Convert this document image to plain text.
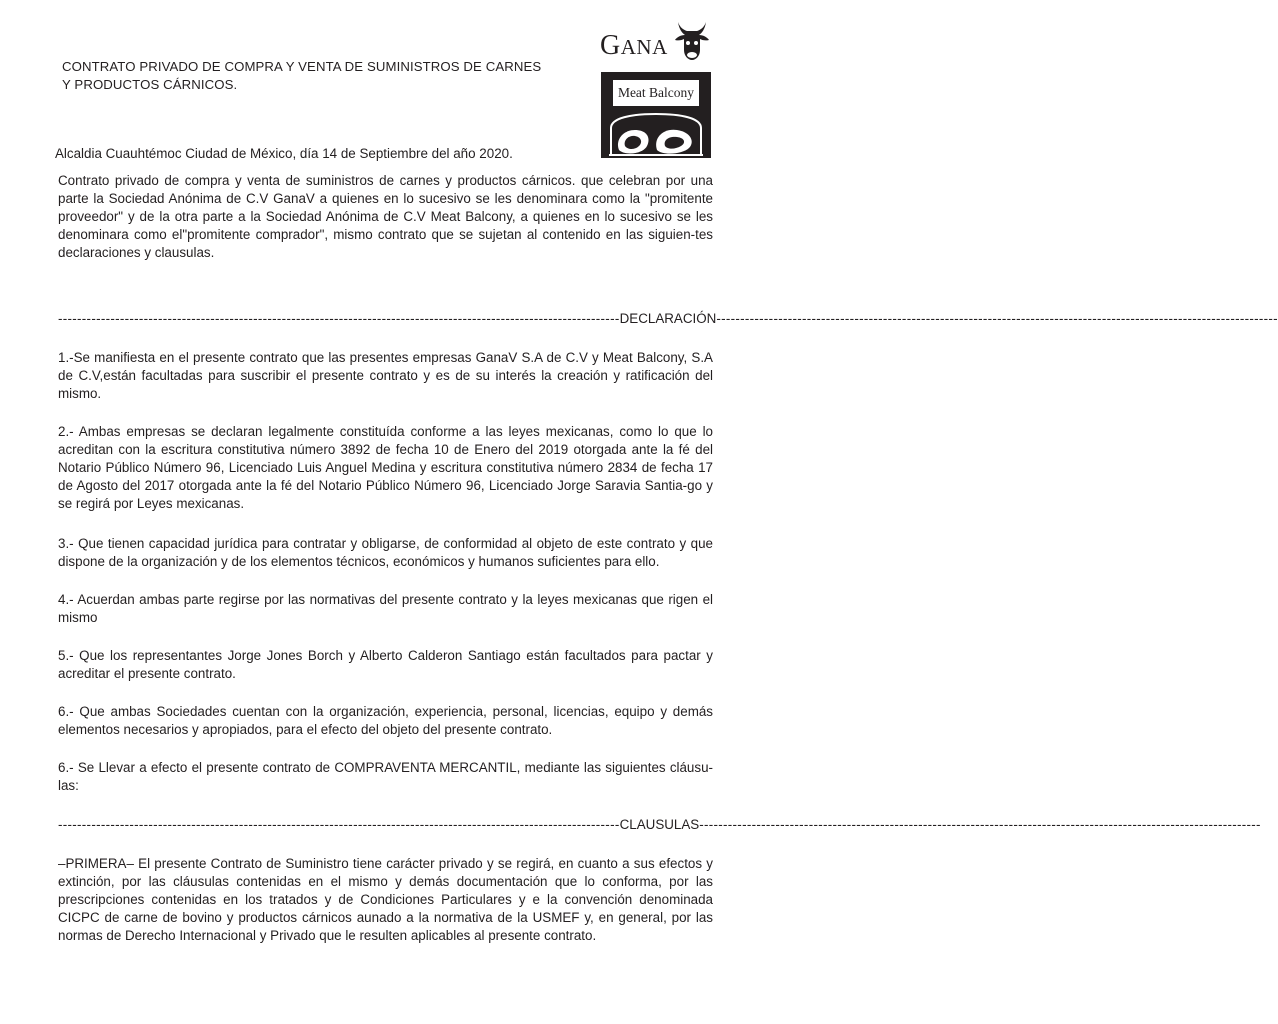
CONTRATO PRIVADO DE COMPRA Y VENTA DE SUMINISTROS DE CARNES
Y PRODUCTOS CÁRNICOS.
GANA
Meat Balcony
Alcaldia Cuauhtémoc Ciudad de México, día 14 de Septiembre del año 2020.
Contrato privado de compra y venta de suministros de carnes y productos cárnicos. que celebran por una parte la Sociedad Anónima de C.V GanaV a quienes en lo sucesivo se les denominara como la "promitente proveedor" y de la otra parte a la Sociedad Anónima de C.V Meat Balcony, a quienes en lo sucesivo se les denominara como el"promitente comprador", mismo contrato que se sujetan al contenido en las siguien-tes declaraciones y clausulas.
---------------------------------------------------------------------------------------------------------------------- DECLARACIÓN ----------------------------------------------------------------------------------------------------------------------
1.-Se manifiesta en el presente contrato que las presentes empresas GanaV S.A de C.V y Meat Balcony, S.A de C.V,están facultadas para suscribir el presente contrato y es de su interés la creación y ratificación del mismo.
2.- Ambas empresas se declaran legalmente constituída conforme a las leyes mexicanas, como lo que lo acreditan con la escritura constitutiva número 3892 de fecha 10 de Enero del 2019 otorgada ante la fé del Notario Público Número 96, Licenciado Luis Anguel Medina y escritura constitutiva número 2834 de fecha 17 de Agosto del 2017 otorgada ante la fé del Notario Público Número 96, Licenciado Jorge Saravia Santia-go y se regirá por Leyes mexicanas.
3.- Que tienen capacidad jurídica para contratar y obligarse, de conformidad al objeto de este contrato y que dispone de la organización y de los elementos técnicos, económicos y humanos suficientes para ello.
4.- Acuerdan ambas parte regirse por las normativas del presente contrato y la leyes mexicanas que rigen el mismo
5.- Que los representantes Jorge Jones Borch y Alberto Calderon Santiago están facultados para pactar y acreditar el presente contrato.
6.- Que ambas Sociedades cuentan con la organización, experiencia, personal, licencias, equipo y demás elementos necesarios y apropiados, para el efecto del objeto del presente contrato.
6.- Se Llevar a efecto el presente contrato de COMPRAVENTA MERCANTIL, mediante las siguientes cláusu-las:
---------------------------------------------------------------------------------------------------------------------- CLAUSULAS ----------------------------------------------------------------------------------------------------------------------
–PRIMERA– El presente Contrato de Suministro tiene carácter privado y se regirá, en cuanto a sus efectos y extinción, por las cláusulas contenidas en el mismo y demás documentación que lo conforma, por las prescripciones contenidas en los tratados y de Condiciones Particulares y e la convención denominada CICPC de carne de bovino y productos cárnicos aunado a la normativa de la USMEF y, en general, por las normas de Derecho Internacional y Privado que le resulten aplicables al presente contrato.
